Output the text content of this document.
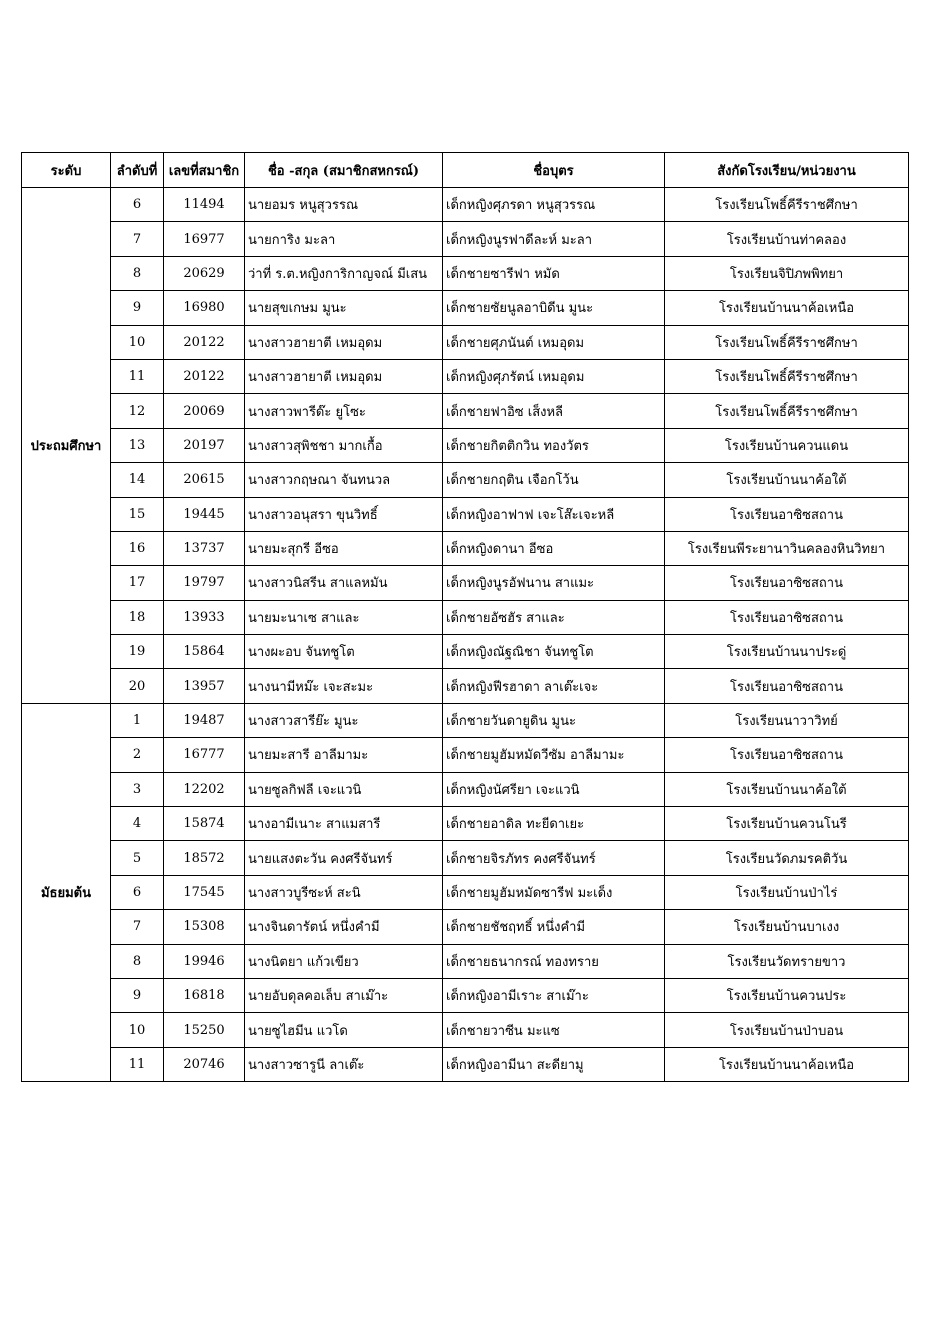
ระดับ	ลำดับที่	เลขที่สมาชิก	ชื่อ -สกุล (สมาชิกสหกรณ์)	ชื่อบุตร	สังกัดโรงเรียน/หน่วยงาน
ประถมศึกษา	6	11494	นายอมร หนูสุวรรณ	เด็กหญิงศุภรดา หนูสุวรรณ	โรงเรียนโพธิ์คีรีราชศึกษา
	7	16977	นายการิง มะลา	เด็กหญิงนูรฟาดีละห์ มะลา	โรงเรียนบ้านท่าคลอง
	8	20629	ว่าที่ ร.ต.หญิงการิกาญจณ์ มีเสน	เด็กชายซารีฟา หมัด	โรงเรียนจิปิภพพิทยา
	9	16980	นายสุขเกษม มูนะ	เด็กชายซัยนูลอาบิดีน มูนะ	โรงเรียนบ้านนาค้อเหนือ
	10	20122	นางสาวฮายาตี เหมอุดม	เด็กชายศุภนันต์ เหมอุดม	โรงเรียนโพธิ์คีรีราชศึกษา
	11	20122	นางสาวฮายาตี เหมอุดม	เด็กหญิงศุภรัตน์ เหมอุดม	โรงเรียนโพธิ์คีรีราชศึกษา
	12	20069	นางสาวพารีด๊ะ ยูโซะ	เด็กชายฟาอิซ เส็งหลี	โรงเรียนโพธิ์คีรีราชศึกษา
	13	20197	นางสาวสุพิชชา มากเกื้อ	เด็กชายกิตติกวิน ทองวัตร	โรงเรียนบ้านควนแดน
	14	20615	นางสาวกฤษณา จันทนวล	เด็กชายกฤติน เจือกโว้น	โรงเรียนบ้านนาค้อใต้
	15	19445	นางสาวอนุสรา ขุนวิทธิ์	เด็กหญิงอาฟาฟ เจะโส๊ะเจะหลี	โรงเรียนอาซิซสถาน
	16	13737	นายมะสุกรี อีซอ	เด็กหญิงดานา อีซอ	โรงเรียนพีระยานาวินคลองหินวิทยา
	17	19797	นางสาวนิสรีน สาแลหมัน	เด็กหญิงนูรอัฟนาน สาแมะ	โรงเรียนอาซิซสถาน
	18	13933	นายมะนาเซ สาและ	เด็กชายอัซฮัร สาและ	โรงเรียนอาซิซสถาน
	19	15864	นางผะอบ จันทชูโต	เด็กหญิงณัฐณิชา จันทชูโต	โรงเรียนบ้านนาประดู่
	20	13957	นางนามีหม๊ะ เจะสะมะ	เด็กหญิงฟีรฮาดา ลาเต๊ะเจะ	โรงเรียนอาซิซสถาน
มัธยมต้น	1	19487	นางสาวสารีย๊ะ มูนะ	เด็กชายวันดายูดิน มูนะ	โรงเรียนนาวาวิทย์
	2	16777	นายมะสารี อาลีมามะ	เด็กชายมูฮัมหมัดวีซัม อาลีมามะ	โรงเรียนอาซิซสถาน
	3	12202	นายซูลกิฟลี เจะแวนิ	เด็กหญิงนัศรียา เจะแวนิ	โรงเรียนบ้านนาค้อใต้
	4	15874	นางอามีเนาะ สาแมสารี	เด็กชายอาดิล ทะยีดาเยะ	โรงเรียนบ้านควนโนรี
	5	18572	นายแสงตะวัน คงศรีจันทร์	เด็กชายจิรภัทร คงศรีจันทร์	โรงเรียนวัดภมรคติวัน
	6	17545	นางสาวบูรีซะห์ สะนิ	เด็กชายมูฮัมหมัดซารีฟ มะเด็ง	โรงเรียนบ้านป่าไร่
	7	15308	นางจินดารัตน์ หนึ่งคำมี	เด็กชายชัชฤทธิ์ หนึ่งคำมี	โรงเรียนบ้านบาเงง
	8	19946	นางนิตยา แก้วเขียว	เด็กชายธนากรณ์ ทองทราย	โรงเรียนวัดทรายขาว
	9	16818	นายอับดุลคอเล็บ สาเม๊าะ	เด็กหญิงอามีเราะ สาเม๊าะ	โรงเรียนบ้านควนประ
	10	15250	นายซูไฮมีน แวโด	เด็กชายวาซีน มะแซ	โรงเรียนบ้านป่าบอน
	11	20746	นางสาวซารูนี ลาเต๊ะ	เด็กหญิงอามีนา สะดียามู	โรงเรียนบ้านนาค้อเหนือ
